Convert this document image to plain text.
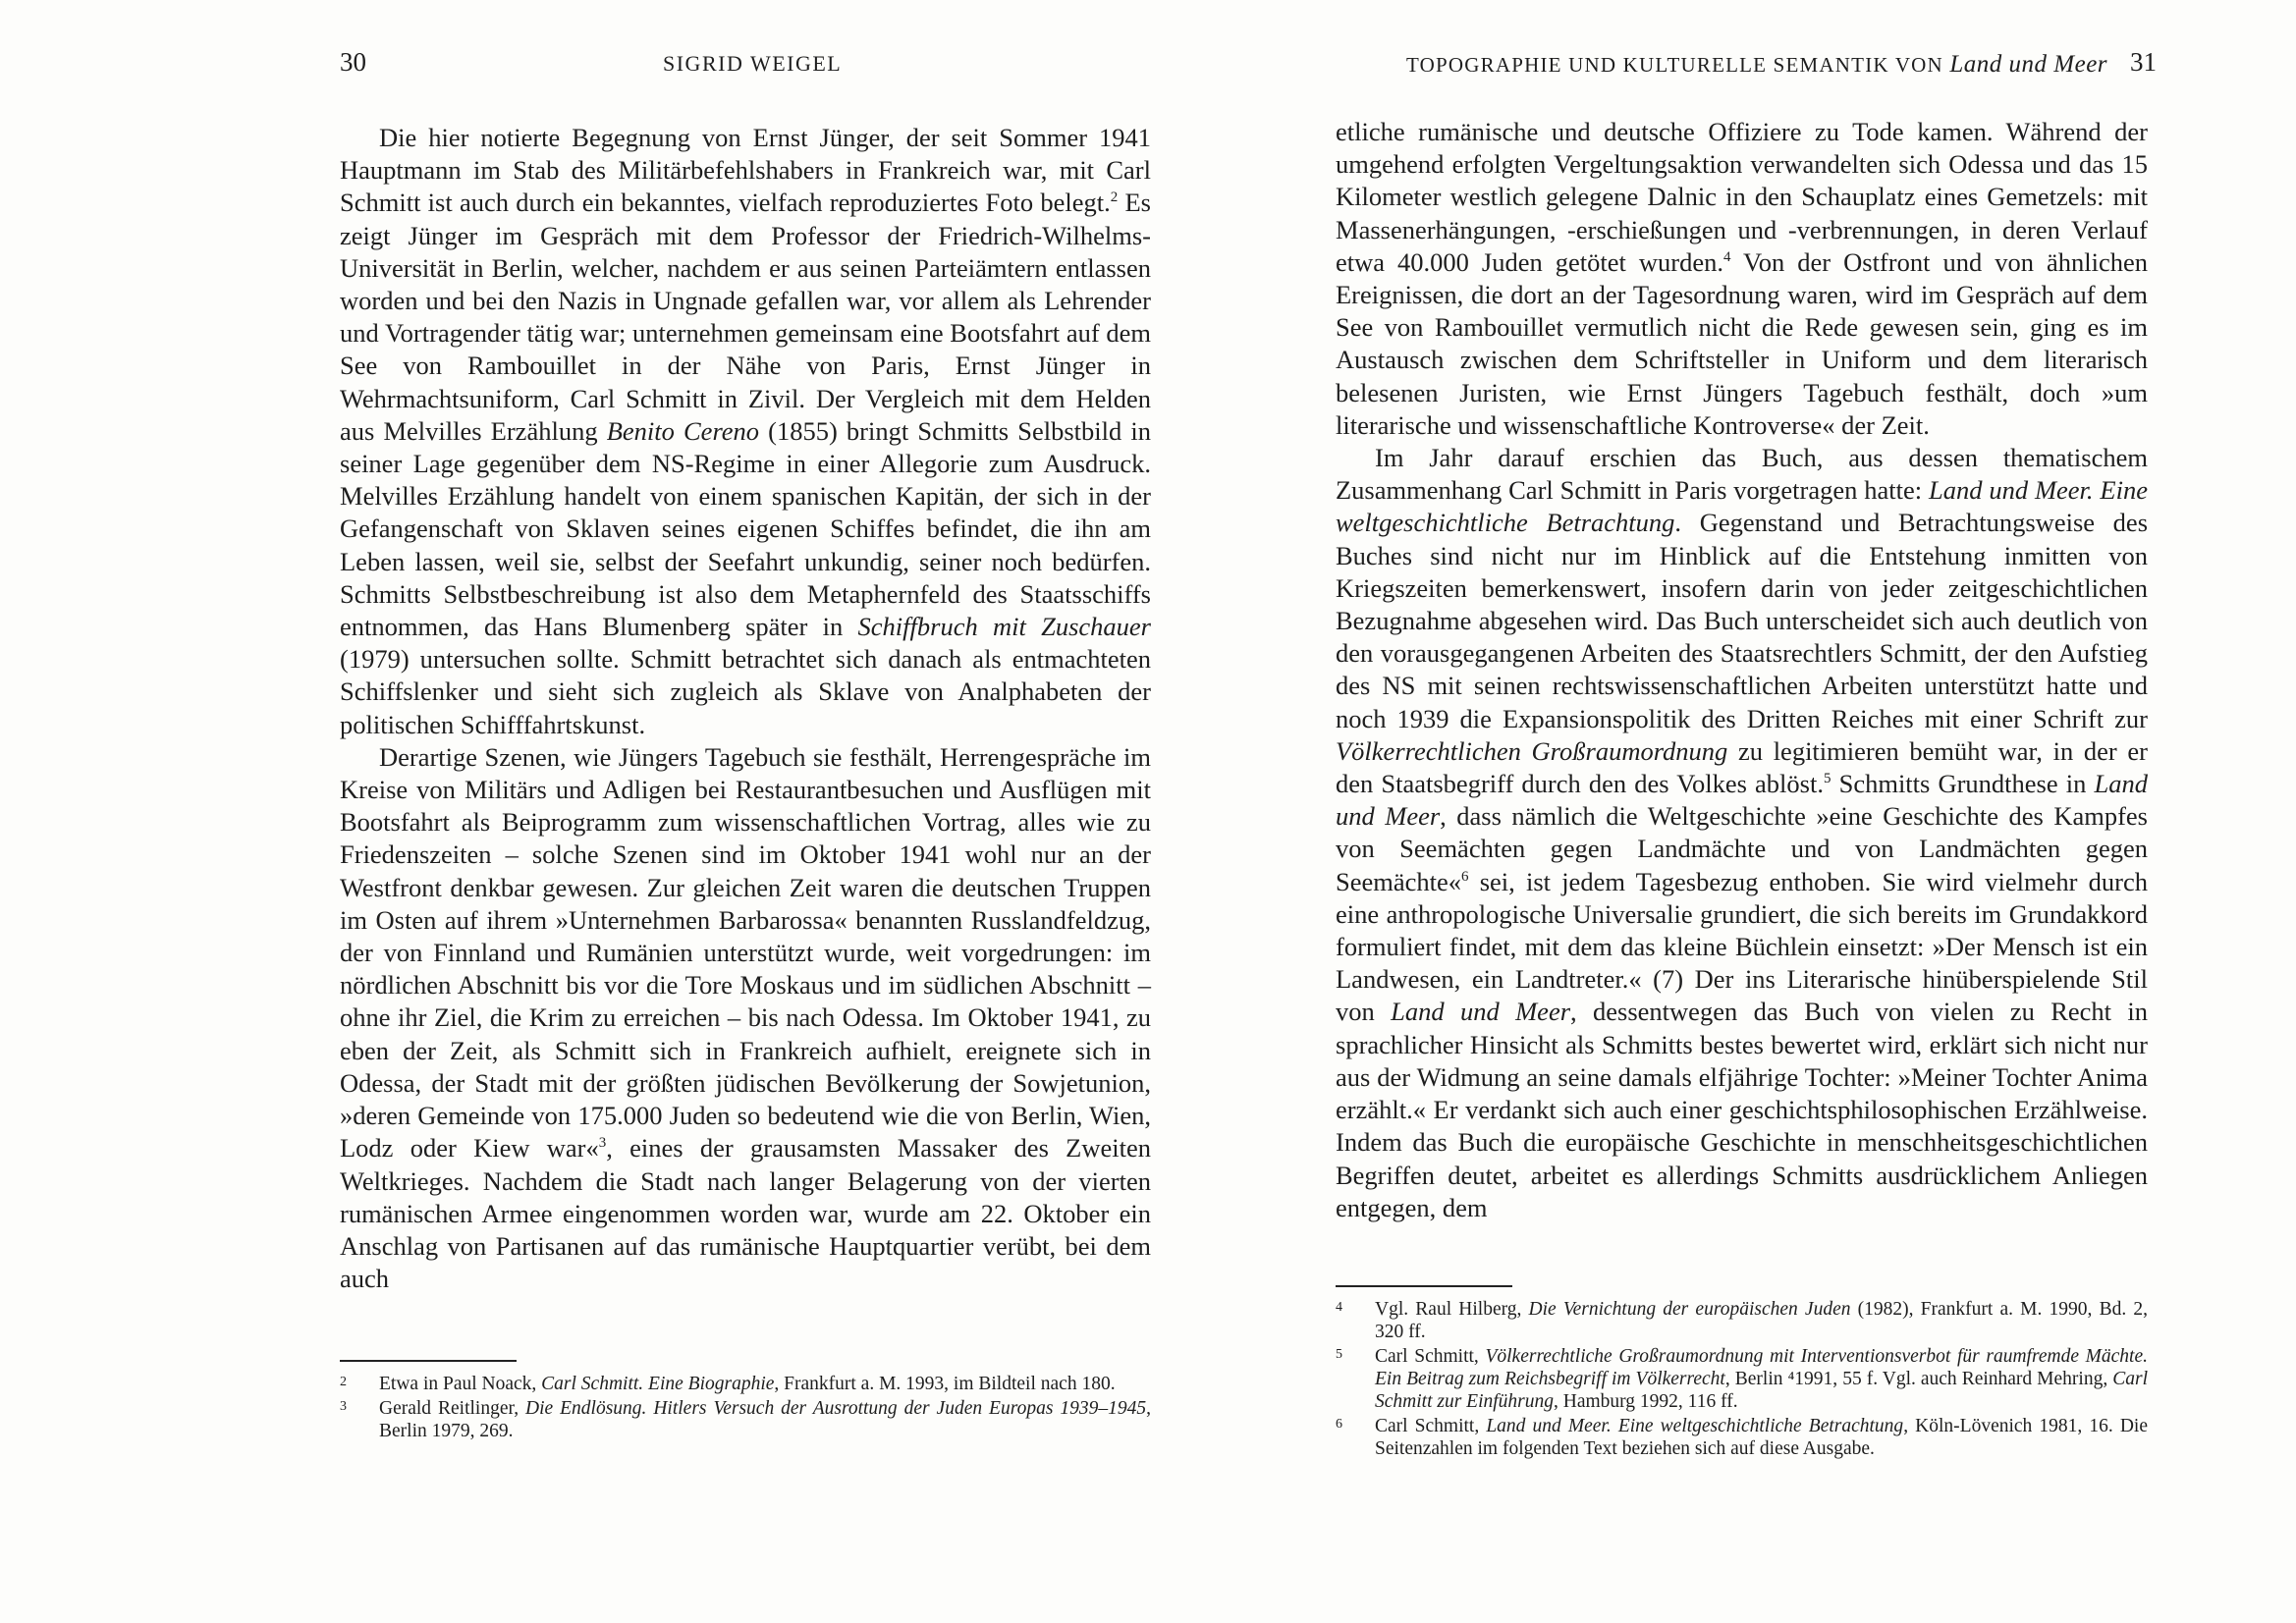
30	SIGRID WEIGEL

Die hier notierte Begegnung von Ernst Jünger, der seit Sommer 1941 Hauptmann im Stab des Militärbefehlshabers in Frankreich war, mit Carl Schmitt ist auch durch ein bekanntes, vielfach reproduziertes Foto belegt.$^2$ Es zeigt Jünger im Gespräch mit dem Professor der Friedrich-Wilhelms-Universität in Berlin, welcher, nachdem er aus seinen Parteiämtern entlassen worden und bei den Nazis in Ungnade gefallen war, vor allem als Lehrender und Vortragender tätig war; unternehmen gemeinsam eine Bootsfahrt auf dem See von Rambouillet in der Nähe von Paris, Ernst Jünger in Wehrmachtsuniform, Carl Schmitt in Zivil. Der Vergleich mit dem Helden aus Melvilles Erzählung Benito Cereno (1855) bringt Schmitts Selbstbild in seiner Lage gegenüber dem NS-Regime in einer Allegorie zum Ausdruck. Melvilles Erzählung handelt von einem spanischen Kapitän, der sich in der Gefangenschaft von Sklaven seines eigenen Schiffes befindet, die ihn am Leben lassen, weil sie, selbst der Seefahrt unkundig, seiner noch bedürfen. Schmitts Selbstbeschreibung ist also dem Metaphernfeld des Staatsschiffs entnommen, das Hans Blumenberg später in Schiffbruch mit Zuschauer (1979) untersuchen sollte. Schmitt betrachtet sich danach als entmachteten Schiffslenker und sieht sich zugleich als Sklave von Analphabeten der politischen Schifffahrtskunst.

Derartige Szenen, wie Jüngers Tagebuch sie festhält, Herrengespräche im Kreise von Militärs und Adligen bei Restaurantbesuchen und Ausflügen mit Bootsfahrt als Beiprogramm zum wissenschaftlichen Vortrag, alles wie zu Friedenszeiten – solche Szenen sind im Oktober 1941 wohl nur an der Westfront denkbar gewesen. Zur gleichen Zeit waren die deutschen Truppen im Osten auf ihrem »Unternehmen Barbarossa« benannten Russlandfeldzug, der von Finnland und Rumänien unterstützt wurde, weit vorgedrungen: im nördlichen Abschnitt bis vor die Tore Moskaus und im südlichen Abschnitt – ohne ihr Ziel, die Krim zu erreichen – bis nach Odessa. Im Oktober 1941, zu eben der Zeit, als Schmitt sich in Frankreich aufhielt, ereignete sich in Odessa, der Stadt mit der größten jüdischen Bevölkerung der Sowjetunion, »deren Gemeinde von 175.000 Juden so bedeutend wie die von Berlin, Wien, Lodz oder Kiew war«$^3$, eines der grausamsten Massaker des Zweiten Weltkrieges. Nachdem die Stadt nach langer Belagerung von der vierten rumänischen Armee eingenommen worden war, wurde am 22. Oktober ein Anschlag von Partisanen auf das rumänische Hauptquartier verübt, bei dem auch

2 Etwa in Paul Noack, Carl Schmitt. Eine Biographie, Frankfurt a. M. 1993, im Bildteil nach 180.
3 Gerald Reitlinger, Die Endlösung. Hitlers Versuch der Ausrottung der Juden Europas 1939–1945, Berlin 1979, 269.
TOPOGRAPHIE UND KULTURELLE SEMANTIK VON Land und Meer 31

etliche rumänische und deutsche Offiziere zu Tode kamen. Während der umgehend erfolgten Vergeltungsaktion verwandelten sich Odessa und das 15 Kilometer westlich gelegene Dalnic in den Schauplatz eines Gemetzels: mit Massenerhängungen, -erschießungen und -verbrennungen, in deren Verlauf etwa 40.000 Juden getötet wurden.$^4$ Von der Ostfront und von ähnlichen Ereignissen, die dort an der Tagesordnung waren, wird im Gespräch auf dem See von Rambouillet vermutlich nicht die Rede gewesen sein, ging es im Austausch zwischen dem Schriftsteller in Uniform und dem literarisch belesenen Juristen, wie Ernst Jüngers Tagebuch festhält, doch »um literarische und wissenschaftliche Kontroverse« der Zeit.

Im Jahr darauf erschien das Buch, aus dessen thematischem Zusammenhang Carl Schmitt in Paris vorgetragen hatte: Land und Meer. Eine weltgeschichtliche Betrachtung. Gegenstand und Betrachtungsweise des Buches sind nicht nur im Hinblick auf die Entstehung inmitten von Kriegszeiten bemerkenswert, insofern darin von jeder zeitgeschichtlichen Bezugnahme abgesehen wird. Das Buch unterscheidet sich auch deutlich von den vorausgegangenen Arbeiten des Staatsrechtlers Schmitt, der den Aufstieg des NS mit seinen rechtswissenschaftlichen Arbeiten unterstützt hatte und noch 1939 die Expansionspolitik des Dritten Reiches mit einer Schrift zur Völkerrechtlichen Großraumordnung zu legitimieren bemüht war, in der er den Staatsbegriff durch den des Volkes ablöst.$^5$ Schmitts Grundthese in Land und Meer, dass nämlich die Weltgeschichte »eine Geschichte des Kampfes von Seemächten gegen Landmächte und von Landmächten gegen Seemächte«$^6$ sei, ist jedem Tagesbezug enthoben. Sie wird vielmehr durch eine anthropologische Universalie grundiert, die sich bereits im Grundakkord formuliert findet, mit dem das kleine Büchlein einsetzt: »Der Mensch ist ein Landwesen, ein Landtreter.« (7) Der ins Literarische hinüberspielende Stil von Land und Meer, dessentwegen das Buch von vielen zu Recht in sprachlicher Hinsicht als Schmitts bestes bewertet wird, erklärt sich nicht nur aus der Widmung an seine damals elfjährige Tochter: »Meiner Tochter Anima erzählt.« Er verdankt sich auch einer geschichtsphilosophischen Erzählweise. Indem das Buch die europäische Geschichte in menschheitsgeschichtlichen Begriffen deutet, arbeitet es allerdings Schmitts ausdrücklichem Anliegen entgegen, dem

4 Vgl. Raul Hilberg, Die Vernichtung der europäischen Juden (1982), Frankfurt a. M. 1990, Bd. 2, 320 ff.
5 Carl Schmitt, Völkerrechtliche Großraumordnung mit Interventionsverbot für raumfremde Mächte. Ein Beitrag zum Reichsbegriff im Völkerrecht, Berlin ⁴1991, 55 f. Vgl. auch Reinhard Mehring, Carl Schmitt zur Einführung, Hamburg 1992, 116 ff.
6 Carl Schmitt, Land und Meer. Eine weltgeschichtliche Betrachtung, Köln-Lövenich 1981, 16. Die Seitenzahlen im folgenden Text beziehen sich auf diese Ausgabe.
